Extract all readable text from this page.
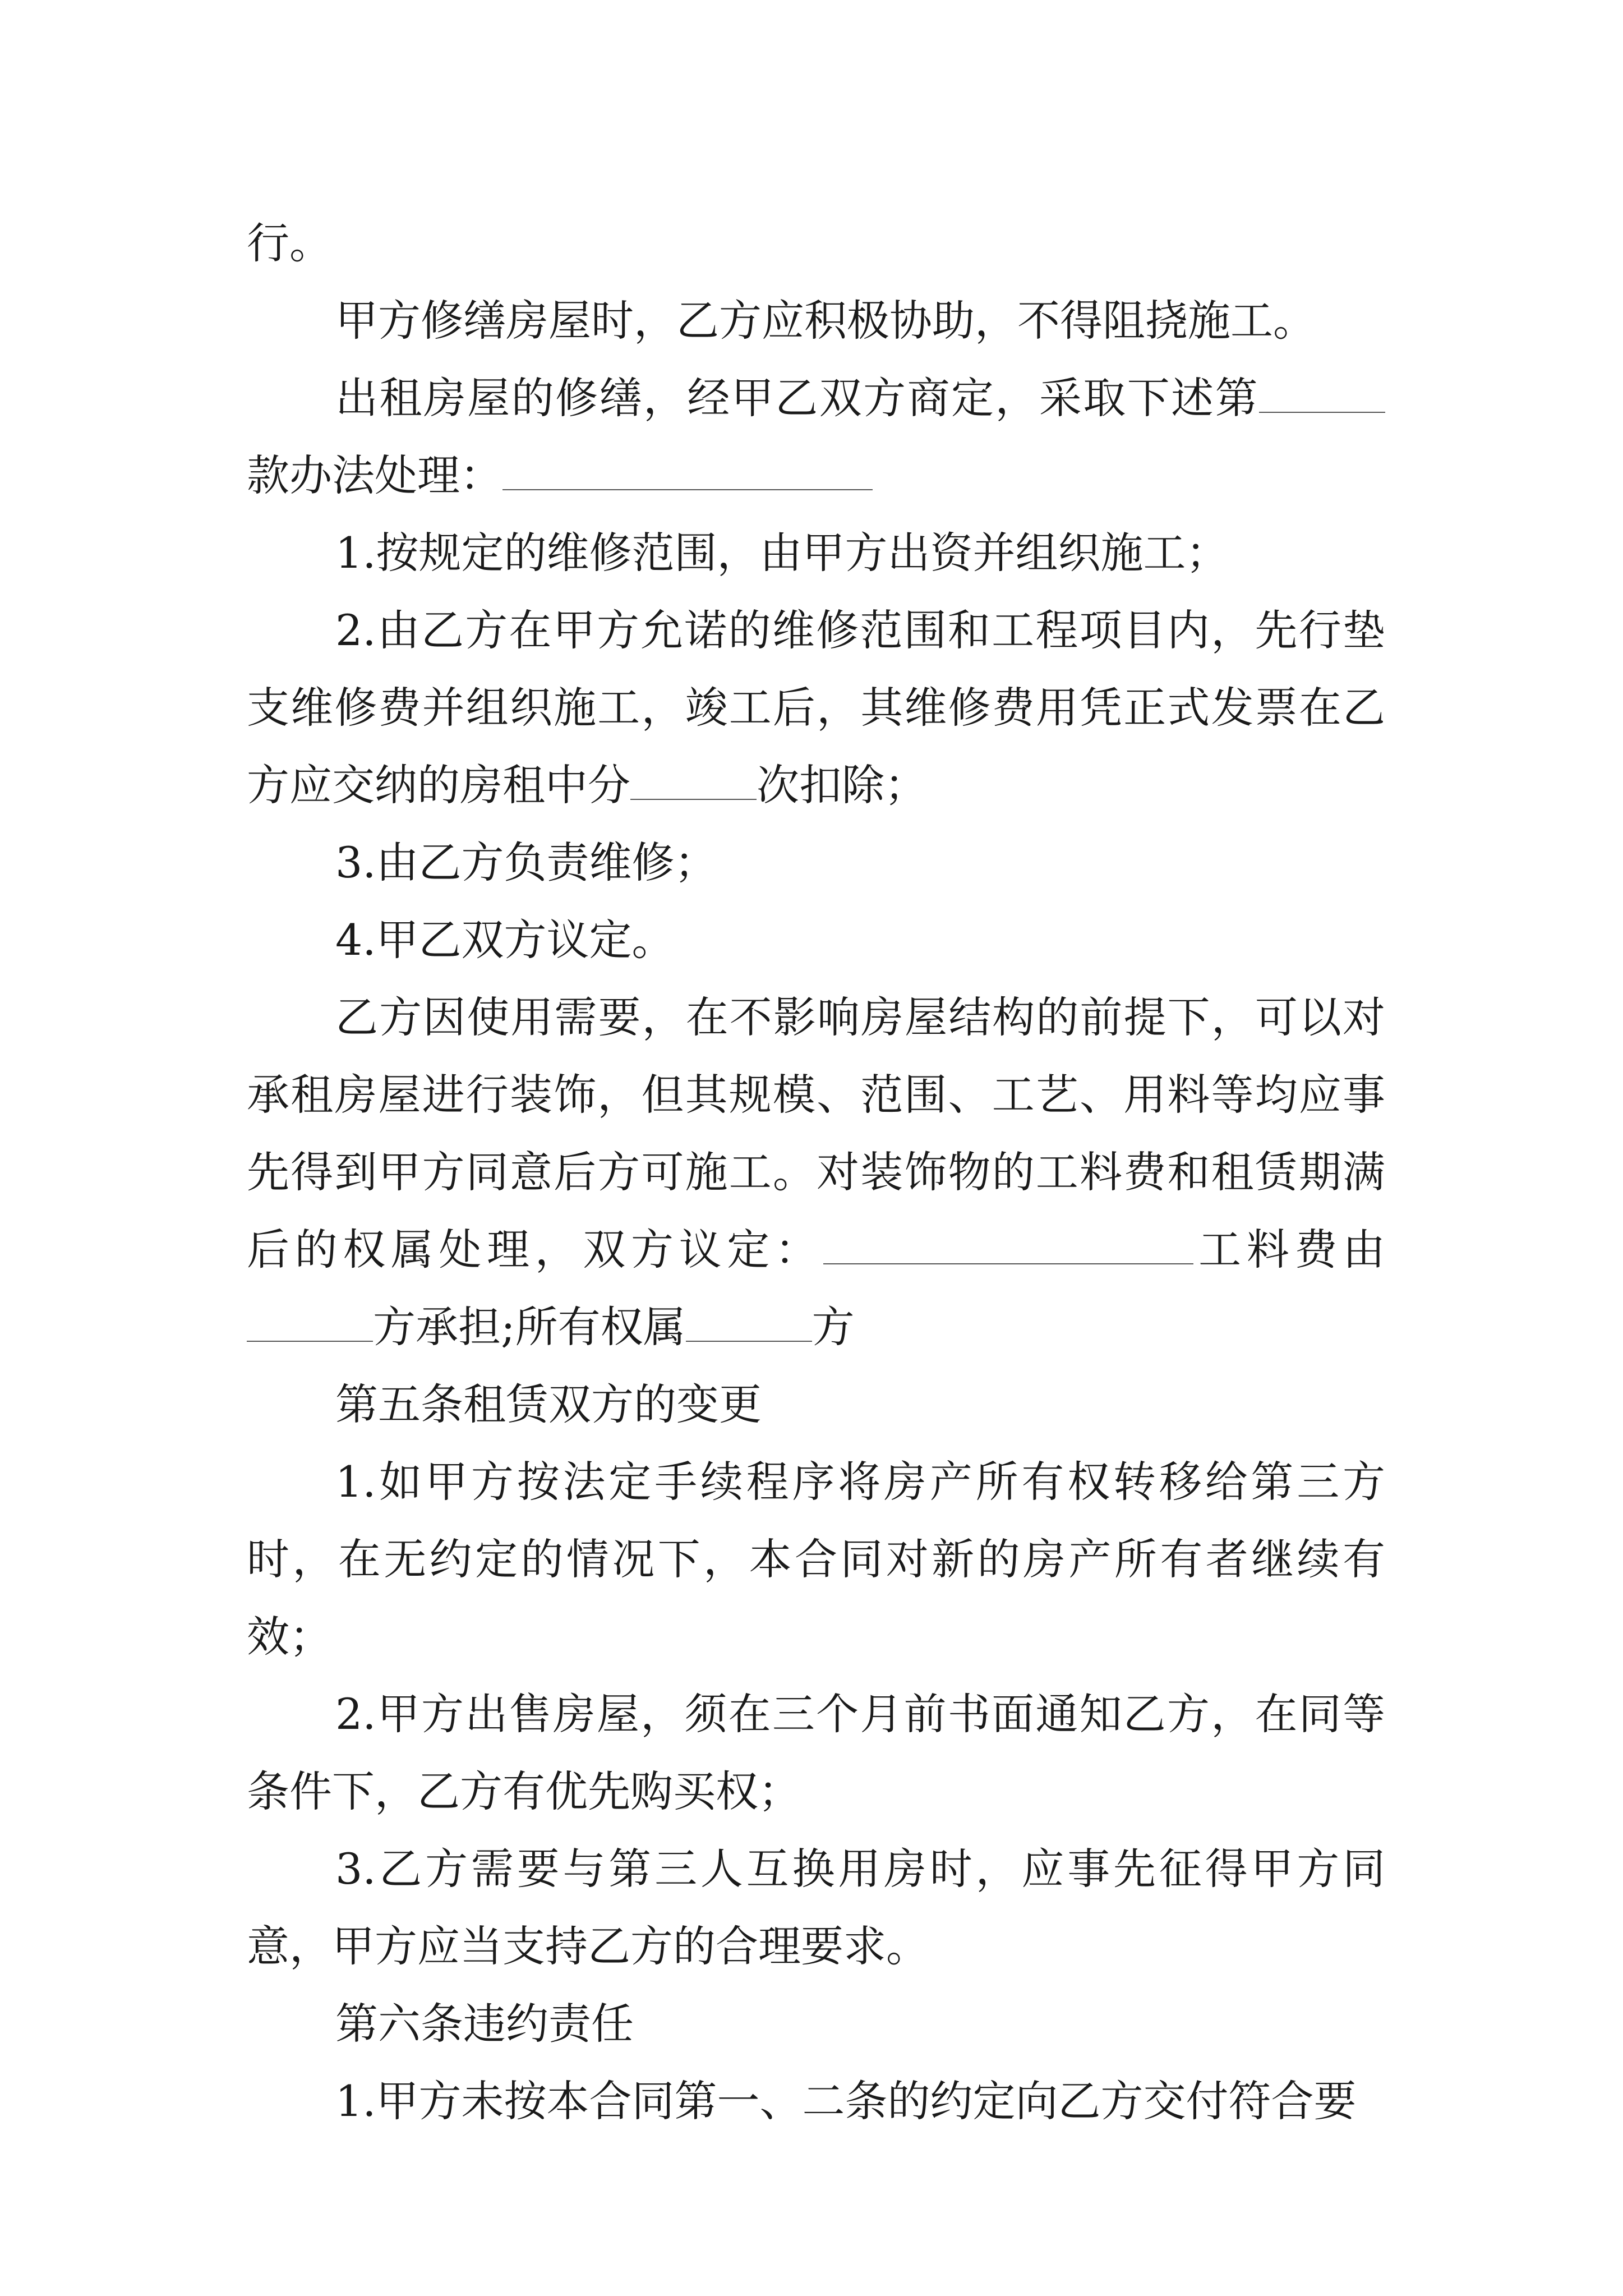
行。

甲方修缮房屋时，乙方应积极协助，不得阻挠施工。

出租房屋的修缮，经甲乙双方商定，采取下述第款办法处理：

1.按规定的维修范围，由甲方出资并组织施工；

2.由乙方在甲方允诺的维修范围和工程项目内，先行垫支维修费并组织施工，竣工后，其维修费用凭正式发票在乙方应交纳的房租中分	次扣除；

3.由乙方负责维修；

4.甲乙双方议定。

乙方因使用需要，在不影响房屋结构的前提下，可以对承租房屋进行装饰，但其规模、范围、工艺、用料等均应事先得到甲方同意后方可施工。对装饰物的工料费和租赁期满后的权属处理，双方议定：	工料费由方承担;所有权属	方

第五条租赁双方的变更

1.如甲方按法定手续程序将房产所有权转移给第三方时，在无约定的情况下，本合同对新的房产所有者继续有效；

2.甲方出售房屋，须在三个月前书面通知乙方，在同等条件下，乙方有优先购买权；

3.乙方需要与第三人互换用房时，应事先征得甲方同意，甲方应当支持乙方的合理要求。

第六条违约责任

1.甲方未按本合同第一、二条的约定向乙方交付符合要
